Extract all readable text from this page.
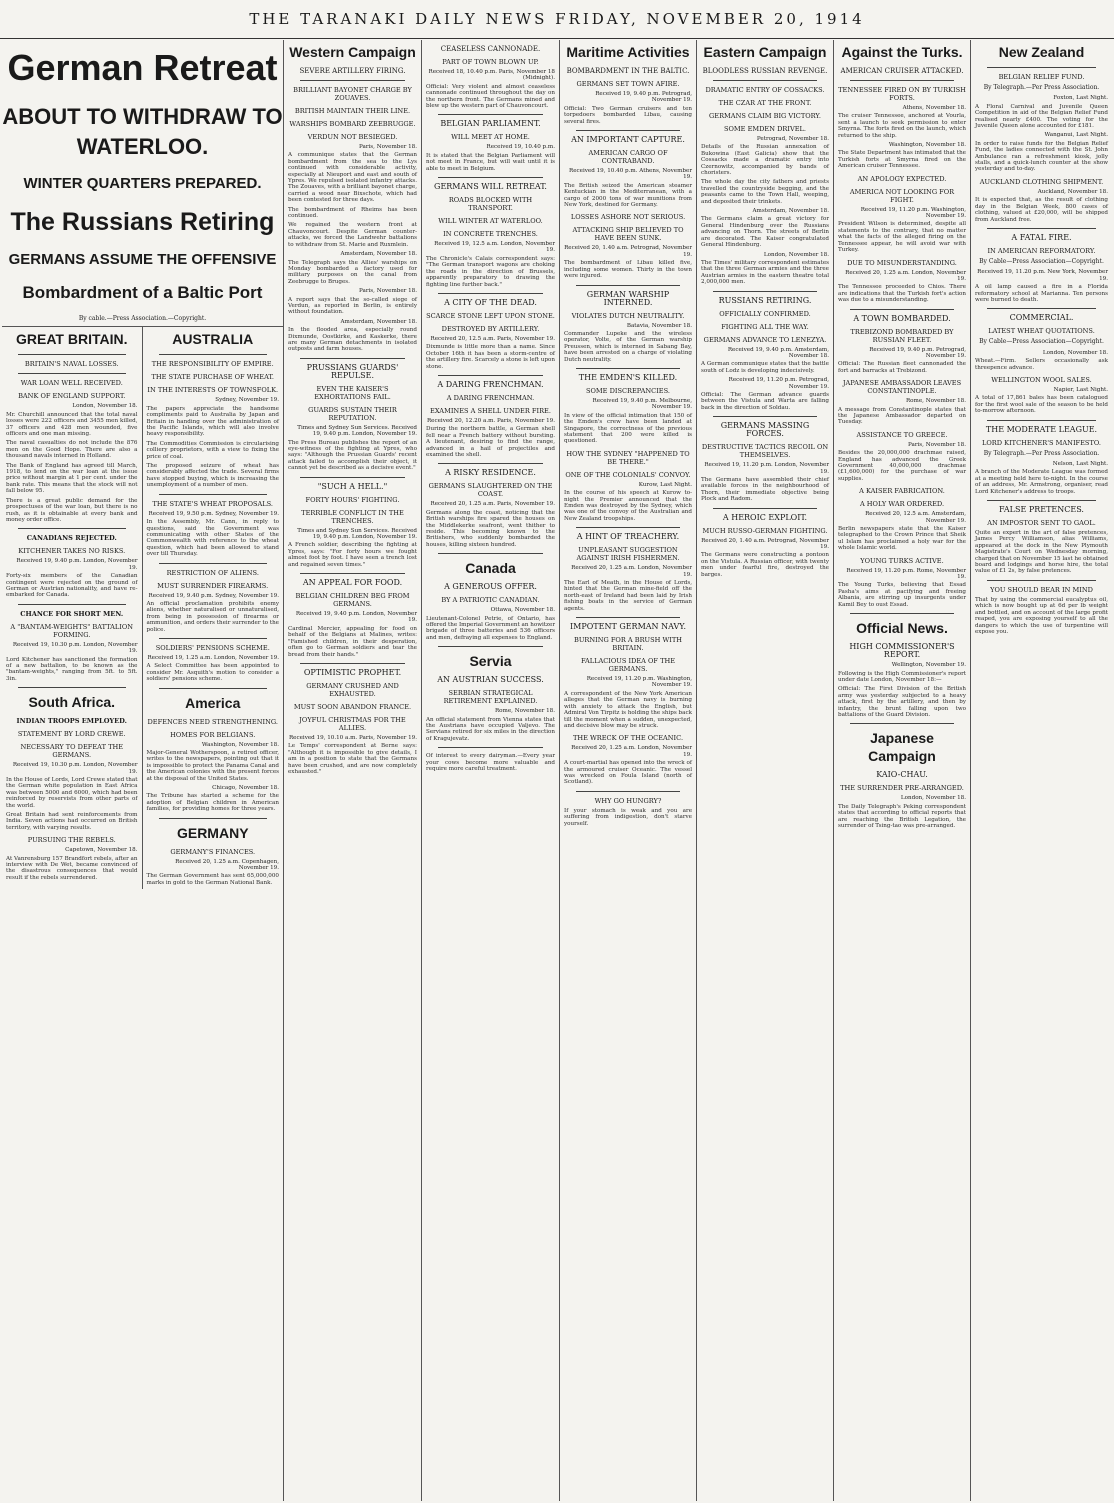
THE TARANAKI DAILY NEWS FRIDAY, NOVEMBER 20, 1914
German Retreat
ABOUT TO WITHDRAW TO WATERLOO.
WINTER QUARTERS PREPARED.
The Russians Retiring
GERMANS ASSUME THE OFFENSIVE
Bombardment of a Baltic Port
By cable.—Press Association.—Copyright.
GREAT BRITAIN.
BRITAIN'S NAVAL LOSSES.
WAR LOAN WELL RECEIVED.
BANK OF ENGLAND SUPPORT.
London, November 18.

Mr. Churchill announced that the total naval losses were 222 officers and 3455 men killed, 37 officers and 428 men wounded, five officers and one man missing.

The naval casualties do not include the 876 men on the Good Hope. There are also a thousand navals interned in Holland.

The Bank of England has agreed till March, 1918, to lend on the war loan at the issue price without margin at 1 per cent. under the bank rate. This means that the stock will not fall below 95.

There is a great public demand for the prospectuses of the war loan, but there is no rush, as it is obtainable at every bank and money order office.

CANADIANS REJECTED.
KITCHENER TAKES NO RISKS.
Received 19, 9.40 p.m. London, November 19.

Forty-six members of the Canadian contingent were rejected on the ground of German or Austrian nationality, and have re-embarked for Canada.

CHANCE FOR SHORT MEN.
A "BANTAM-WEIGHTS" BATTALION FORMING.
Received 19, 10.30 p.m. London, November 19.

Lord Kitchener has sanctioned the formation of a new battalion, to be known as the "bantam-weights," ranging from 5ft. to 5ft. 3in.

South Africa.
INDIAN TROOPS EMPLOYED.
STATEMENT BY LORD CREWE.
NECESSARY TO DEFEAT THE GERMANS.
Received 19, 10.30 p.m. London, November 19.

In the House of Lords, Lord Crewe stated that the German white population in East Africa was between 5000 and 6000, which had been reinforced by reservists from other parts of the world.

Great Britain had sent reinforcements from India. Seven actions had occurred on British territory, with varying results.

PURSUING THE REBELS.
Capetown, November 18.

At Vanrensburg 157 Brandfort rebels, after an interview with De Wet, became convinced of the disastrous consequences that would result if the rebels surrendered.

AUSTRALIA
THE RESPONSIBILITY OF EMPIRE.
THE STATE PURCHASE OF WHEAT.
IN THE INTERESTS OF TOWNSFOLK.
Sydney, November 19.

The papers appreciate the handsome compliments paid to Australia by Japan and Britain in handing over the administration of the Pacific Islands, which will also involve heavy responsibility.

The Commodities Commission is circularising colliery proprietors, with a view to fixing the price of coal.

The proposed seizure of wheat has considerably affected the trade. Several firms have stopped buying, which is increasing the unemployment of a number of men.

THE STATE'S WHEAT PROPOSALS.
Received 19, 9.50 p.m. Sydney, November 19.

In the Assembly, Mr. Cann, in reply to questions, said the Government was communicating with other States of the Commonwealth with reference to the wheat question, which had been allowed to stand over till Thursday.

RESTRICTION OF ALIENS.
MUST SURRENDER FIREARMS.
Received 19, 9.40 p.m. Sydney, November 19.

An official proclamation prohibits enemy aliens, whether naturalised or unnaturalised, from being in possession of firearms or ammunition, and orders their surrender to the police.

SOLDIERS' PENSIONS SCHEME.
Received 19, 1.25 a.m. London, November 19.

A Select Committee has been appointed to consider Mr. Asquith's motion to consider a soldiers' pensions scheme.

America
DEFENCES NEED STRENGTHENING.
HOMES FOR BELGIANS.
Washington, November 18.

Major-General Wotherspoon, a retired officer, writes to the newspapers, pointing out that it is impossible to protect the Panama Canal and the American colonies with the present forces at the disposal of the United States.

Chicago, November 18.

The Tribune has started a scheme for the adoption of Belgian children in American families, for providing homes for three years.

GERMANY
GERMANY'S FINANCES.
Received 20, 1.25 a.m. Copenhagen, November 19.

The German Government has sent 65,000,000 marks in gold to the German National Bank.

Western Campaign
SEVERE ARTILLERY FIRING.
BRILLIANT BAYONET CHARGE BY ZOUAVES.
BRITISH MAINTAIN THEIR LINE.
WARSHIPS BOMBARD ZEEBRUGGE.
VERDUN NOT BESIEGED.
Paris, November 18.

A communique states that the German bombardment from the sea to the Lys continued with considerable activity, especially at Nieuport and east and south of Ypres. We repulsed isolated infantry attacks. The Zouaves, with a brilliant bayonet charge, carried a wood near Bixschote, which had been contested for three days.

The bombardment of Rheims has been continued.

We regained the western front at Chauvoncourt. Despite German counter-attacks, we forced the Landwehr battalions to withdraw from St. Marie and Ruxmlein.

Amsterdam, November 18.

The Telegraph says the Allies' warships on Monday bombarded a factory used for military purposes on the canal from Zeebrugge to Bruges.

Paris, November 18.

A report says that the so-called siege of Verdun, as reported in Berlin, is entirely without foundation.

Amsterdam, November 18.

In the flooded area, especially round Dixmunde, Oostkirke, and Kaskerke, there are many German detachments in isolated outposts and farm houses.

PRUSSIANS GUARDS' REPULSE.
EVEN THE KAISER'S EXHORTATIONS FAIL.
GUARDS SUSTAIN THEIR REPUTATION.
Times and Sydney Sun Services. Received 19, 9.40 p.m. London, November 19.

The Press Bureau publishes the report of an eye-witness of the fighting at Ypres, who says: "Although the Prussian Guards' recent attack failed to accomplish their object, it cannot yet be described as a decisive event."

"SUCH A HELL."
FORTY HOURS' FIGHTING.
TERRIBLE CONFLICT IN THE TRENCHES.
Times and Sydney Sun Services. Received 19, 9.40 p.m. London, November 19.

A French soldier, describing the fighting at Ypres, says: "For forty hours we fought almost foot by foot. I have seen a trench lost and regained seven times."

AN APPEAL FOR FOOD.
BELGIAN CHILDREN BEG FROM GERMANS.
Received 19, 9.40 p.m. London, November 19.

Cardinal Mercier, appealing for food on behalf of the Belgians at Malines, writes: "Famished children, in their desperation, often go to German soldiers and tear the bread from their hands."

OPTIMISTIC PROPHET.
GERMANY CRUSHED AND EXHAUSTED.
MUST SOON ABANDON FRANCE.
JOYFUL CHRISTMAS FOR THE ALLIES.
Received 19, 10.10 a.m. Paris, November 19.

Le Temps' correspondent at Berne says: "Although it is impossible to give details, I am in a position to state that the Germans have been crushed, and are now completely exhausted."

CEASELESS CANNONADE.
PART OF TOWN BLOWN UP.
Received 18, 10.40 p.m. Paris, November 18 (Midnight).

Official: Very violent and almost ceaseless cannonade continued throughout the day on the northern front. The Germans mined and blew up the western part of Chauvoncourt.

BELGIAN PARLIAMENT.
WILL MEET AT HOME.
Received 19, 10.40 p.m.

It is stated that the Belgian Parliament will not meet in France, but will wait until it is able to meet in Belgium.

GERMANS WILL RETREAT.
ROADS BLOCKED WITH TRANSPORT.
WILL WINTER AT WATERLOO.
IN CONCRETE TRENCHES.
Received 19, 12.5 a.m. London, November 19.

The Chronicle's Calais correspondent says: "The German transport wagons are choking the roads in the direction of Brussels, apparently preparatory to drawing the fighting line further back."

A CITY OF THE DEAD.
SCARCE STONE LEFT UPON STONE.
DESTROYED BY ARTILLERY.
Received 20, 12.5 a.m. Paris, November 19.

Dixmunde is little more than a name. Since October 16th it has been a storm-centre of the artillery fire. Scarcely a stone is left upon stone.

A DARING FRENCHMAN.
A DARING FRENCHMAN.
EXAMINES A SHELL UNDER FIRE.
Received 20, 12.20 a.m. Paris, November 19.

During the northern battle, a German shell fell near a French battery without bursting. A lieutenant, desiring to find the range, advanced in a hail of projectiles and examined the shell.

A RISKY RESIDENCE.
GERMANS SLAUGHTERED ON THE COAST.
Received 20, 1.25 a.m. Paris, November 19.

Germans along the coast, noticing that the British warships fire spared the houses on the Middlekerke seafront, went thither to reside. This becoming known to the Britishers, who suddenly bombarded the houses, killing sixteen hundred.

Canada
A GENEROUS OFFER.
BY A PATRIOTIC CANADIAN.
Ottawa, November 18.

Lieutenant-Colonel Petrie, of Ontario, has offered the Imperial Government an howitzer brigade of three batteries and 536 officers and men, defraying all expenses to England.

Servia
AN AUSTRIAN SUCCESS.
SERBIAN STRATEGICAL RETIREMENT EXPLAINED.
Rome, November 18.

An official statement from Vienna states that the Austrians have occupied Valjevo. The Servians retired for six miles in the direction of Kragujevatz.

Of interest to every dairyman.—Every year your cows become more valuable and require more careful treatment.

Maritime Activities
BOMBARDMENT IN THE BALTIC.
GERMANS SET TOWN AFIRE.
Received 19, 9.40 p.m. Petrograd, November 19.

Official: Two German cruisers and ten torpedoers bombarded Libau, causing several fires.

AN IMPORTANT CAPTURE.
AMERICAN CARGO OF CONTRABAND.
Received 19, 10.40 p.m. Athens, November 19.

The British seized the American steamer Kentuckian in the Mediterranean, with a cargo of 2000 tons of war munitions from New York, destined for Germany.

LOSSES ASHORE NOT SERIOUS.
ATTACKING SHIP BELIEVED TO HAVE BEEN SUNK.
Received 20, 1.40 a.m. Petrograd, November 19.

The bombardment of Libau killed five, including some women. Thirty in the town were injured.

GERMAN WARSHIP INTERNED.
VIOLATES DUTCH NEUTRALITY.
Batavia, November 18.

Commander Lupeke and the wireless operator, Volte, of the German warship Preussen, which is interned in Sabang Bay, have been arrested on a charge of violating Dutch neutrality.

THE EMDEN'S KILLED.
SOME DISCREPANCIES.
Received 19, 9.40 p.m. Melbourne, November 19.

In view of the official intimation that 150 of the Emden's crew have been landed at Singapore, the correctness of the previous statement that 200 were killed is questioned.

HOW THE SYDNEY "HAPPENED TO BE THERE."
ONE OF THE COLONIALS' CONVOY.
Kurow, Last Night.

In the course of his speech at Kurow to-night the Premier announced that the Emden was destroyed by the Sydney, which was one of the convoy of the Australian and New Zealand troopships.

A HINT OF TREACHERY.
UNPLEASANT SUGGESTION AGAINST IRISH FISHERMEN.
Received 20, 1.25 a.m. London, November 19.

The Earl of Meath, in the House of Lords, hinted that the German mine-field off the north-east of Ireland had been laid by Irish fishing boats in the service of German agents.

IMPOTENT GERMAN NAVY.
BURNING FOR A BRUSH WITH BRITAIN.
FALLACIOUS IDEA OF THE GERMANS.
Received 19, 11.20 p.m. Washington, November 19.

A correspondent of the New York American alleges that the German navy is burning with anxiety to attack the English, but Admiral Von Tirpitz is holding the ships back till the moment when a sudden, unexpected, and decisive blow may be struck.

THE WRECK OF THE OCEANIC.
Received 20, 1.25 a.m. London, November 19.

A court-martial has opened into the wreck of the armoured cruiser Oceanic. The vessel was wrecked on Foula Island (north of Scotland).

WHY GO HUNGRY?

If your stomach is weak and you are suffering from indigestion, don't starve yourself.

Eastern Campaign
BLOODLESS RUSSIAN REVENGE.
DRAMATIC ENTRY OF COSSACKS.
THE CZAR AT THE FRONT.
GERMANS CLAIM BIG VICTORY.
SOME EMDEN DRIVEL.
Petrograd, November 18.

Details of the Russian annexation of Bukowina (East Galicia) show that the Cossacks made a dramatic entry into Czernowitz, accompanied by bands of choristers.

The whole day the city fathers and priests travelled the countryside begging, and the peasants came to the Town Hall, weeping, and deposited their trinkets.

Amsterdam, November 18.

The Germans claim a great victory for General Hindenburg over the Russians advancing on Thorn. The streets of Berlin are decorated. The Kaiser congratulated General Hindenburg.

London, November 18.

The Times' military correspondent estimates that the three German armies and the three Austrian armies in the eastern theatre total 2,000,000 men.

RUSSIANS RETIRING.
OFFICIALLY CONFIRMED.
FIGHTING ALL THE WAY.
GERMANS ADVANCE TO LENEZYA.
Received 19, 9.40 p.m. Amsterdam, November 18.

A German communique states that the battle south of Lodz is developing indecisively.

Received 19, 11.20 p.m. Petrograd, November 19.

Official: The German advance guards between the Vistula and Warta are falling back in the direction of Soldau.

GERMANS MASSING FORCES.
DESTRUCTIVE TACTICS RECOIL ON THEMSELVES.
Received 19, 11.20 p.m. London, November 19.

The Germans have assembled their chief available forces in the neighbourhood of Thorn, their immediate objective being Plock and Radom.

A HEROIC EXPLOIT.
MUCH RUSSO-GERMAN FIGHTING.
Received 20, 1.40 a.m. Petrograd, November 19.

The Germans were constructing a pontoon on the Vistula. A Russian officer, with twenty men under fearful fire, destroyed the barges.

Against the Turks.
AMERICAN CRUISER ATTACKED.
TENNESSEE FIRED ON BY TURKISH FORTS.
Athens, November 18.

The cruiser Tennessee, anchored at Vourla, sent a launch to seek permission to enter Smyrna. The forts fired on the launch, which returned to the ship.

Washington, November 18.

The State Department has intimated that the Turkish forts at Smyrna fired on the American cruiser Tennessee.

AN APOLOGY EXPECTED.
AMERICA NOT LOOKING FOR FIGHT.
Received 19, 11.20 p.m. Washington, November 19.

President Wilson is determined, despite all statements to the contrary, that no matter what the facts of the alleged firing on the Tennessee appear, he will avoid war with Turkey.

DUE TO MISUNDERSTANDING.
Received 20, 1.25 a.m. London, November 19.

The Tennessee proceeded to Chios. There are indications that the Turkish fort's action was due to a misunderstanding.

A TOWN BOMBARDED.
TREBIZOND BOMBARDED BY RUSSIAN FLEET.
Received 19, 9.40 p.m. Petrograd, November 19.

Official: The Russian fleet cannonaded the fort and barracks at Trebizond.

JAPANESE AMBASSADOR LEAVES CONSTANTINOPLE.
Rome, November 18.

A message from Constantinople states that the Japanese Ambassador departed on Tuesday.

ASSISTANCE TO GREECE.
Paris, November 18.

Besides the 20,000,000 drachmae raised, England has advanced the Greek Government 40,000,000 drachmae (£1,600,000) for the purchase of war supplies.

A KAISER FABRICATION.
A HOLY WAR ORDERED.
Received 20, 12.5 a.m. Amsterdam, November 19.

Berlin newspapers state that the Kaiser telegraphed to the Crown Prince that Sheik ul Islam has proclaimed a holy war for the whole Islamic world.

YOUNG TURKS ACTIVE.
Received 19, 11.20 p.m. Rome, November 19.

The Young Turks, believing that Essad Pasha's aims at pacifying and freeing Albania, are stirring up insurgents under Kamil Bey to oust Essad.

Official News.
HIGH COMMISSIONER'S REPORT.
Wellington, November 19.

Following is the High Commissioner's report under date London, November 18:—

Official: The First Division of the British army was yesterday subjected to a heavy attack, first by the artillery, and then by infantry, the brunt falling upon two battalions of the Guard Division.

Japanese Campaign
KAIO-CHAU.
THE SURRENDER PRE-ARRANGED.
London, November 18.

The Daily Telegraph's Peking correspondent states that according to official reports that are reaching the British Legation, the surrender of Tsing-tao was pre-arranged.

New Zealand
BELGIAN RELIEF FUND.
By Telegraph.—Per Press Association.
Foxton, Last Night.

A Floral Carnival and Juvenile Queen Competition in aid of the Belgian Relief Fund realised nearly £400. The voting for the Juvenile Queen alone accounted for £181.

Wanganui, Last Night.

In order to raise funds for the Belgian Relief Fund, the ladies connected with the St. John Ambulance ran a refreshment kiosk, jolly stalls, and a quick-lunch counter at the show yesterday and to-day.

AUCKLAND CLOTHING SHIPMENT.
Auckland, November 18.

It is expected that, as the result of clothing day in the Belgian Week, 800 cases of clothing, valued at £20,000, will be shipped from Auckland free.

A FATAL FIRE.
IN AMERICAN REFORMATORY.
By Cable—Press Association—Copyright.
Received 19, 11.20 p.m. New York, November 19.

A oil lamp caused a fire in a Florida reformatory school at Marianna. Ten persons were burned to death.

COMMERCIAL.
LATEST WHEAT QUOTATIONS.
By Cable—Press Association—Copyright.
London, November 18.

Wheat.—Firm. Sellers occasionally ask threepence advance.

WELLINGTON WOOL SALES.
Napier, Last Night.

A total of 17,861 bales has been catalogued for the first wool sale of the season to be held to-morrow afternoon.

THE MODERATE LEAGUE.
LORD KITCHENER'S MANIFESTO.
By Telegraph.—Per Press Association.
Nelson, Last Night.

A branch of the Moderate League was formed at a meeting held here to-night. In the course of an address, Mr. Armstrong, organiser, read Lord Kitchener's address to troops.

FALSE PRETENCES.
AN IMPOSTOR SENT TO GAOL.

Quite an expert in the art of false pretences, James Percy Williamson, alias Williams, appeared at the dock in the New Plymouth Magistrate's Court on Wednesday morning, charged that on November 15 last he obtained board and lodgings and horse hire, the total value of £1 2s, by false pretences.

YOU SHOULD BEAR IN MIND

That by using the commercial eucalyptus oil, which is now bought up at 6d per lb weight and bottled, and on account of the large profit reaped, you are exposing yourself to all the dangers to which the use of turpentine will expose you.
